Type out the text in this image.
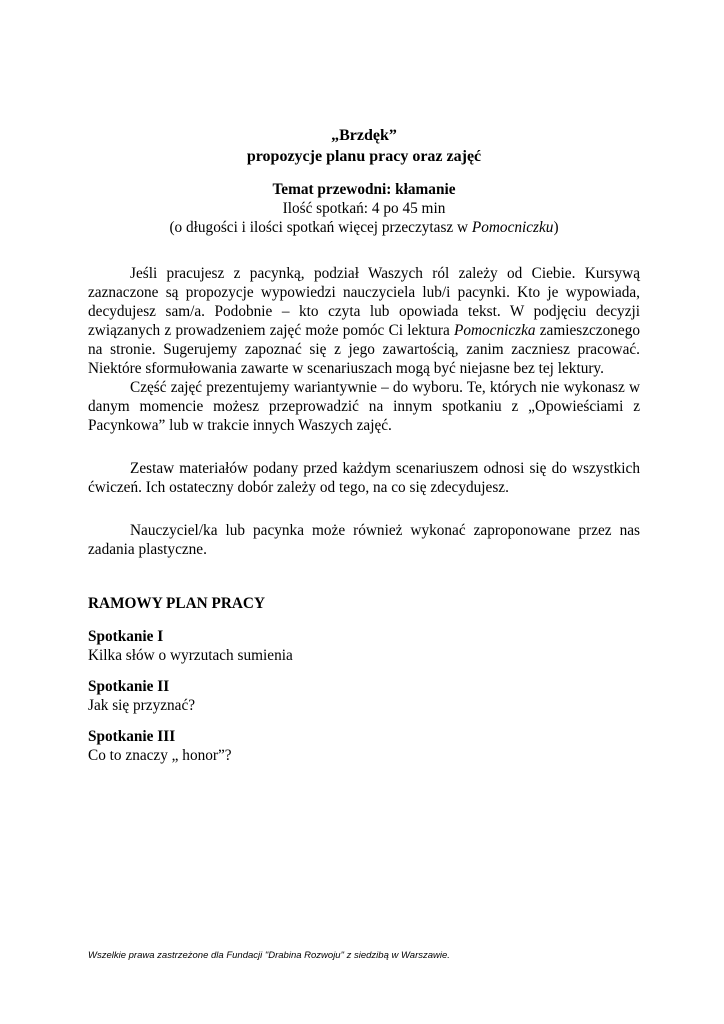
„Brzdęk”
propozycje planu pracy oraz zajęć
Temat przewodni: kłamanie
Ilość spotkań: 4 po 45 min
(o długości i ilości spotkań więcej przeczytasz w Pomocniczku)

Jeśli pracujesz z pacynką, podział Waszych ról zależy od Ciebie. Kursywą zaznaczone są propozycje wypowiedzi nauczyciela lub/i pacynki. Kto je wypowiada, decydujesz sam/a. Podobnie – kto czyta lub opowiada tekst. W podjęciu decyzji związanych z prowadzeniem zajęć może pomóc Ci lektura Pomocniczka zamieszczonego na stronie. Sugerujemy zapoznać się z jego zawartością, zanim zaczniesz pracować. Niektóre sformułowania zawarte w scenariuszach mogą być niejasne bez tej lektury.

Część zajęć prezentujemy wariantywnie – do wyboru. Te, których nie wykonasz w danym momencie możesz przeprowadzić na innym spotkaniu z „Opowieściami z Pacynkowa” lub w trakcie innych Waszych zajęć.

Zestaw materiałów podany przed każdym scenariuszem odnosi się do wszystkich ćwiczeń. Ich ostateczny dobór zależy od tego, na co się zdecydujesz.

Nauczyciel/ka lub pacynka może również wykonać zaproponowane przez nas zadania plastyczne.

RAMOWY PLAN PRACY
Spotkanie I
Kilka słów o wyrzutach sumienia
Spotkanie II
Jak się przyznać?
Spotkanie III
Co to znaczy „ honor”?
Wszelkie prawa zastrzeżone dla Fundacji "Drabina Rozwoju" z siedzibą w Warszawie.
